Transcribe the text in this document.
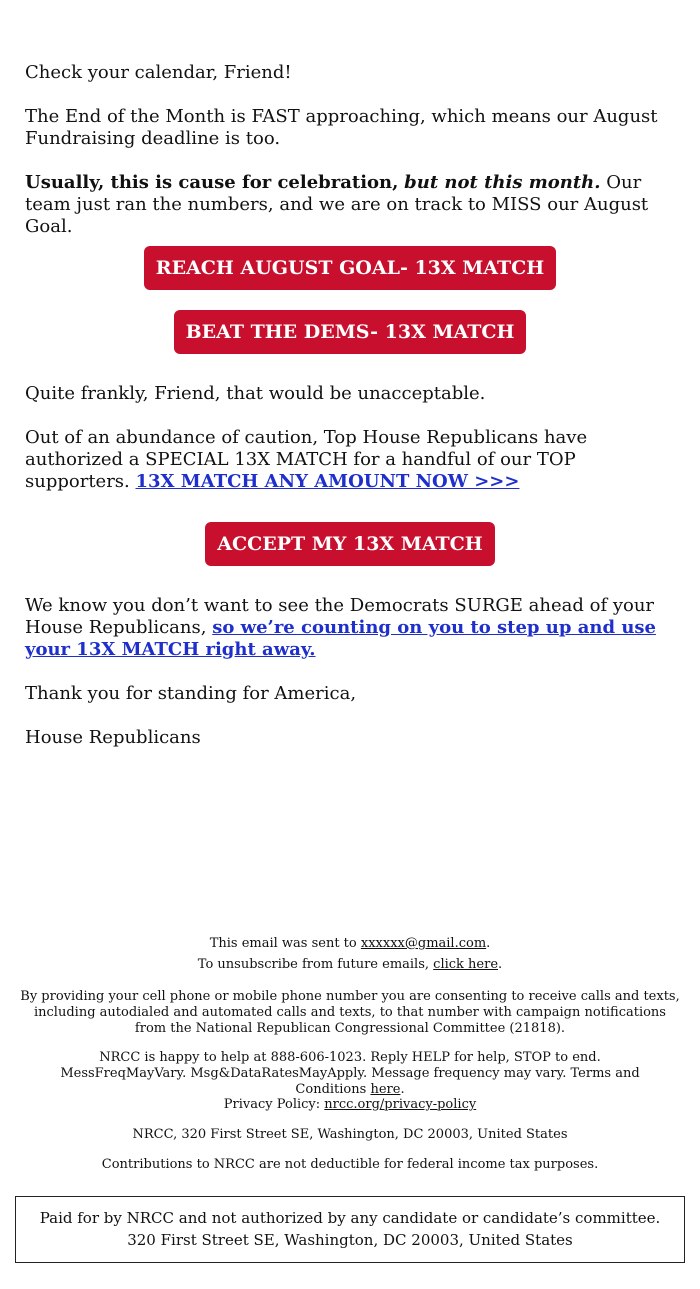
Check your calendar, Friend!

The End of the Month is FAST approaching, which means our August Fundraising deadline is too.

Usually, this is cause for celebration, but not this month. Our team just ran the numbers, and we are on track to MISS our August Goal.

REACH AUGUST GOAL- 13X MATCH
BEAT THE DEMS- 13X MATCH

Quite frankly, Friend, that would be unacceptable.

Out of an abundance of caution, Top House Republicans have authorized a SPECIAL 13X MATCH for a handful of our TOP supporters. 13X MATCH ANY AMOUNT NOW >>>

ACCEPT MY 13X MATCH

We know you don’t want to see the Democrats SURGE ahead of your House Republicans, so we’re counting on you to step up and use your 13X MATCH right away.

Thank you for standing for America,

House Republicans

This email was sent to xxxxxx@gmail.com.
To unsubscribe from future emails, click here.
By providing your cell phone or mobile phone number you are consenting to receive calls and texts, including autodialed and automated calls and texts, to that number with campaign notifications from the National Republican Congressional Committee (21818).
NRCC is happy to help at 888-606-1023. Reply HELP for help, STOP to end. MessFreqMayVary. Msg&DataRatesMayApply. Message frequency may vary. Terms and Conditions here.
Privacy Policy: nrcc.org/privacy-policy
NRCC, 320 First Street SE, Washington, DC 20003, United States
Contributions to NRCC are not deductible for federal income tax purposes.
Paid for by NRCC and not authorized by any candidate or candidate’s committee. 320 First Street SE, Washington, DC 20003, United States
